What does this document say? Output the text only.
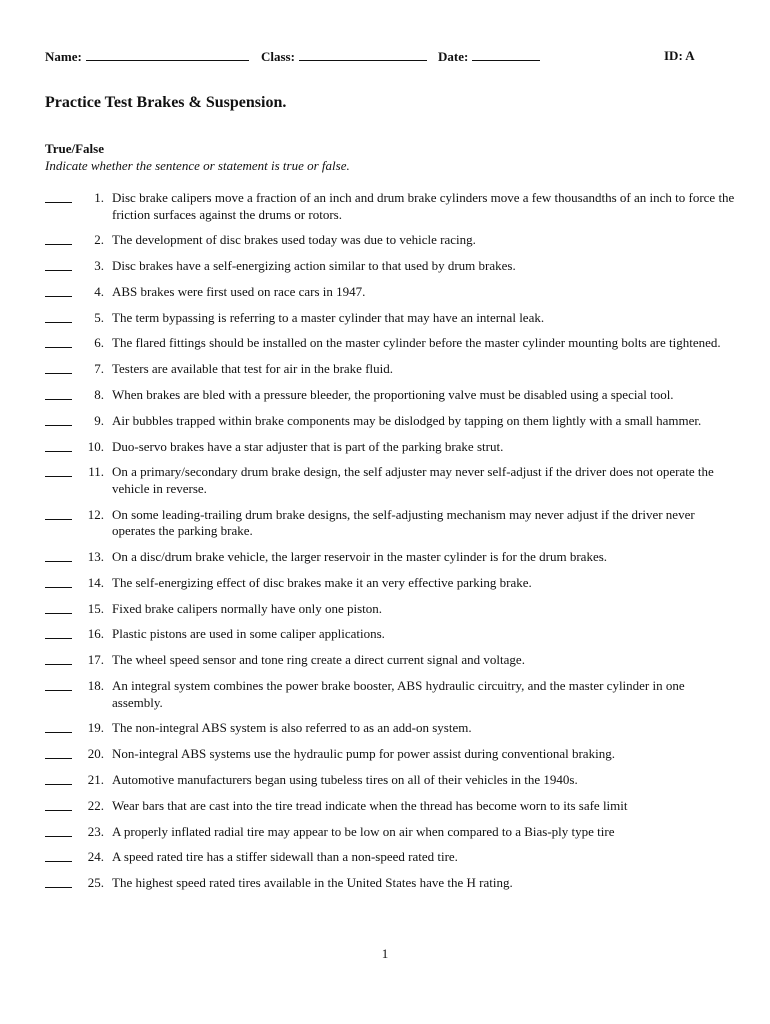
Name:	Class:	Date:	ID: A
Practice Test Brakes & Suspension.
True/False
Indicate whether the sentence or statement is true or false.
1. Disc brake calipers move a fraction of an inch and drum brake cylinders move a few thousandths of an inch to force the friction surfaces against the drums or rotors.
2. The development of disc brakes used today was due to vehicle racing.
3. Disc brakes have a self-energizing action similar to that used by drum brakes.
4. ABS brakes were first used on race cars in 1947.
5. The term bypassing is referring to a master cylinder that may have an internal leak.
6. The flared fittings should be installed on the master cylinder before the master cylinder mounting bolts are tightened.
7. Testers are available that test for air in the brake fluid.
8. When brakes are bled with a pressure bleeder, the proportioning valve must be disabled using a special tool.
9. Air bubbles trapped within brake components may be dislodged by tapping on them lightly with a small hammer.
10. Duo-servo brakes have a star adjuster that is part of the parking brake strut.
11. On a primary/secondary drum brake design, the self adjuster may never self-adjust if the driver does not operate the vehicle in reverse.
12. On some leading-trailing drum brake designs, the self-adjusting mechanism may never adjust if the driver never operates the parking brake.
13. On a disc/drum brake vehicle, the larger reservoir in the master cylinder is for the drum brakes.
14. The self-energizing effect of disc brakes make it an very effective parking brake.
15. Fixed brake calipers normally have only one piston.
16. Plastic pistons are used in some caliper applications.
17. The wheel speed sensor and tone ring create a direct current signal and voltage.
18. An integral system combines the power brake booster, ABS hydraulic circuitry, and the master cylinder in one assembly.
19. The non-integral ABS system is also referred to as an add-on system.
20. Non-integral ABS systems use the hydraulic pump for power assist during conventional braking.
21. Automotive manufacturers began using tubeless tires on all of their vehicles in the 1940s.
22. Wear bars that are cast into the tire tread indicate when the thread has become worn to its safe limit
23. A properly inflated radial tire may appear to be low on air when compared to a Bias-ply type tire
24. A speed rated tire has a stiffer sidewall than a non-speed rated tire.
25. The highest speed rated tires available in the United States have the H rating.
1
